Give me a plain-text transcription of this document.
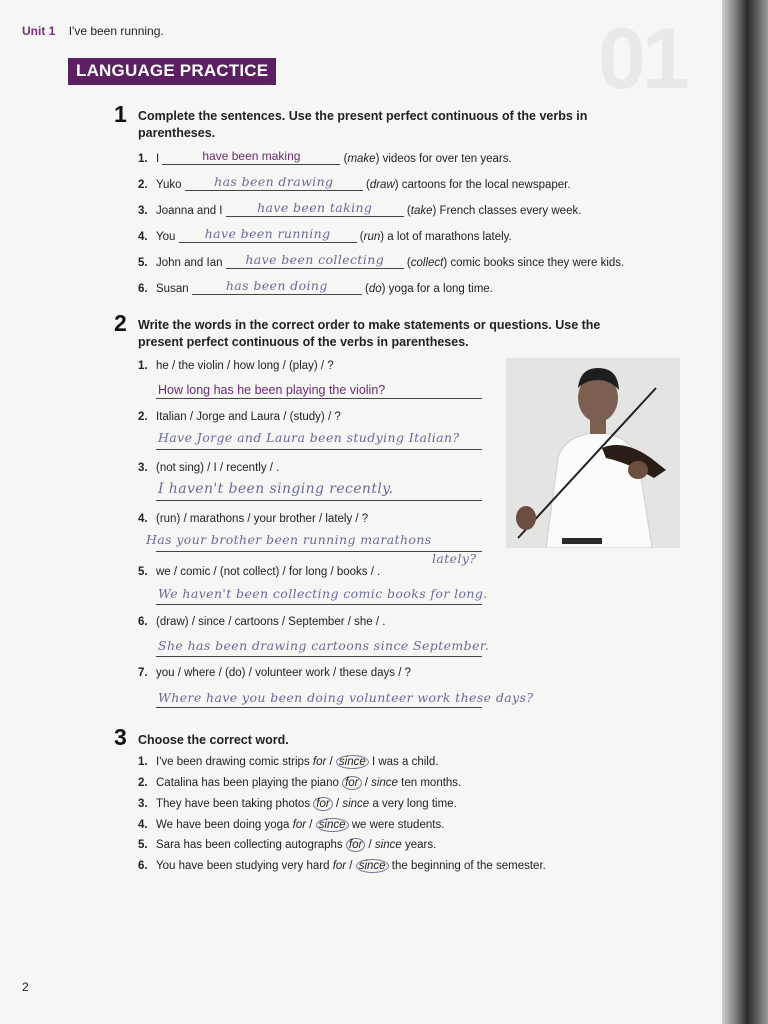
01
Unit 1 I've been running.
LANGUAGE PRACTICE
1 Complete the sentences. Use the present perfect continuous of the verbs in parentheses.
1. I	have been making	(make) videos for over ten years.
2. Yuko	has been drawing	(draw) cartoons for the local newspaper.
3. Joanna and I	have been taking	(take) French classes every week.
4. You have been running (run) a lot of marathons lately.
5. John and Ian have been collecting (collect) comic books since they were kids.
6. Susan	has been doing	(do) yoga for a long time.
2 Write the words in the correct order to make statements or questions. Use the present perfect continuous of the verbs in parentheses.
1. he / the violin / how long / (play) / ?
How long has he been playing the violin?
2. Italian / Jorge and Laura / (study) / ?
Have Jorge and Laura been studying Italian?
3. (not sing) / I / recently / .
I haven't been singing recently.
4. (run) / marathons / your brother / lately / ?
Has your brother been running marathons
lately?
5. we / comic / (not collect) / for long / books / .
We haven't been collecting comic books for long.
6. (draw) / since / cartoons / September / she / .
She has been drawing cartoons since September.
7. you / where / (do) / volunteer work / these days / ?
Where have you been doing volunteer work these days?
3 Choose the correct word.
1. I've been drawing comic strips for / since I was a child.
2. Catalina has been playing the piano for / since ten months.
3. They have been taking photos for / since a very long time.
4. We have been doing yoga for / since we were students.
5. Sara has been collecting autographs for / since years.
6. You have been studying very hard for / since the beginning of the semester.
2
